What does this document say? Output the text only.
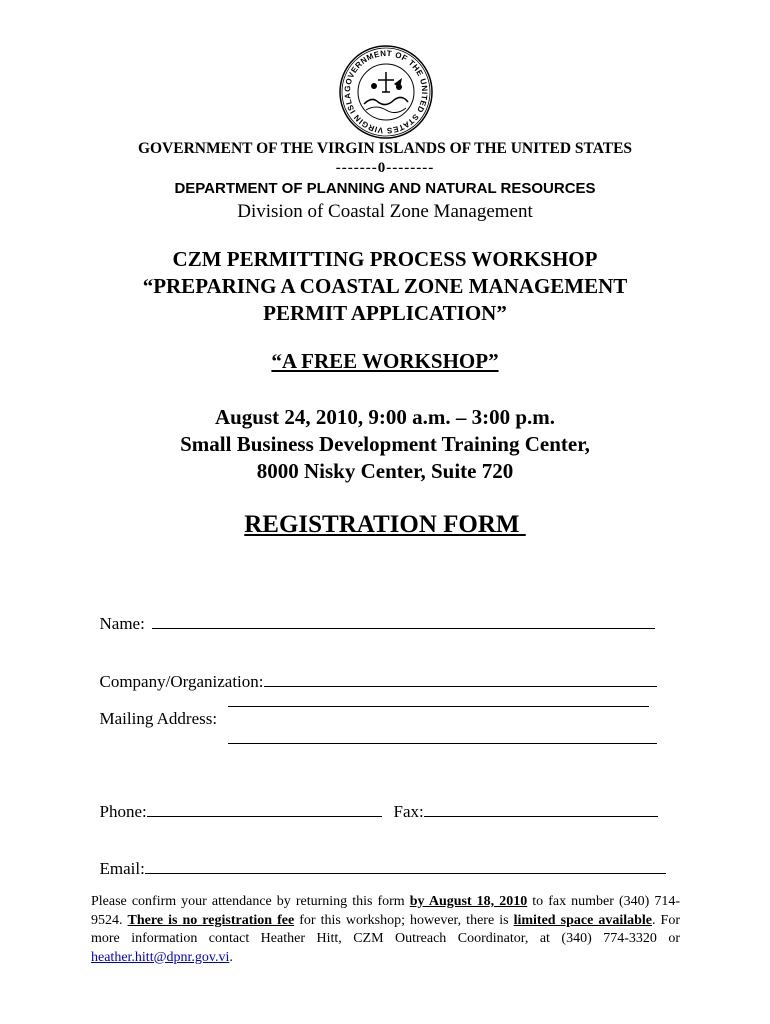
GOVERNMENT OF THE UNITED STATES VIRGIN ISLA
GOVERNMENT OF THE VIRGIN ISLANDS OF THE UNITED STATES
-------0--------
DEPARTMENT OF PLANNING AND NATURAL RESOURCES
Division of Coastal Zone Management
CZM PERMITTING PROCESS WORKSHOP
“PREPARING A COASTAL ZONE MANAGEMENT
PERMIT APPLICATION”
“A FREE WORKSHOP”
August 24, 2010, 9:00 a.m. – 3:00 p.m.
Small Business Development Training Center,
8000 Nisky Center, Suite 720
REGISTRATION FORM

Name:

Company/Organization:

Mailing Address:

Phone:	Fax:

Email:

Please confirm your attendance by returning this form by August 18, 2010 to fax number (340) 714-9524. There is no registration fee for this workshop; however, there is limited space available. For more information contact Heather Hitt, CZM Outreach Coordinator, at (340) 774-3320 or heather.hitt@dpnr.gov.vi.
